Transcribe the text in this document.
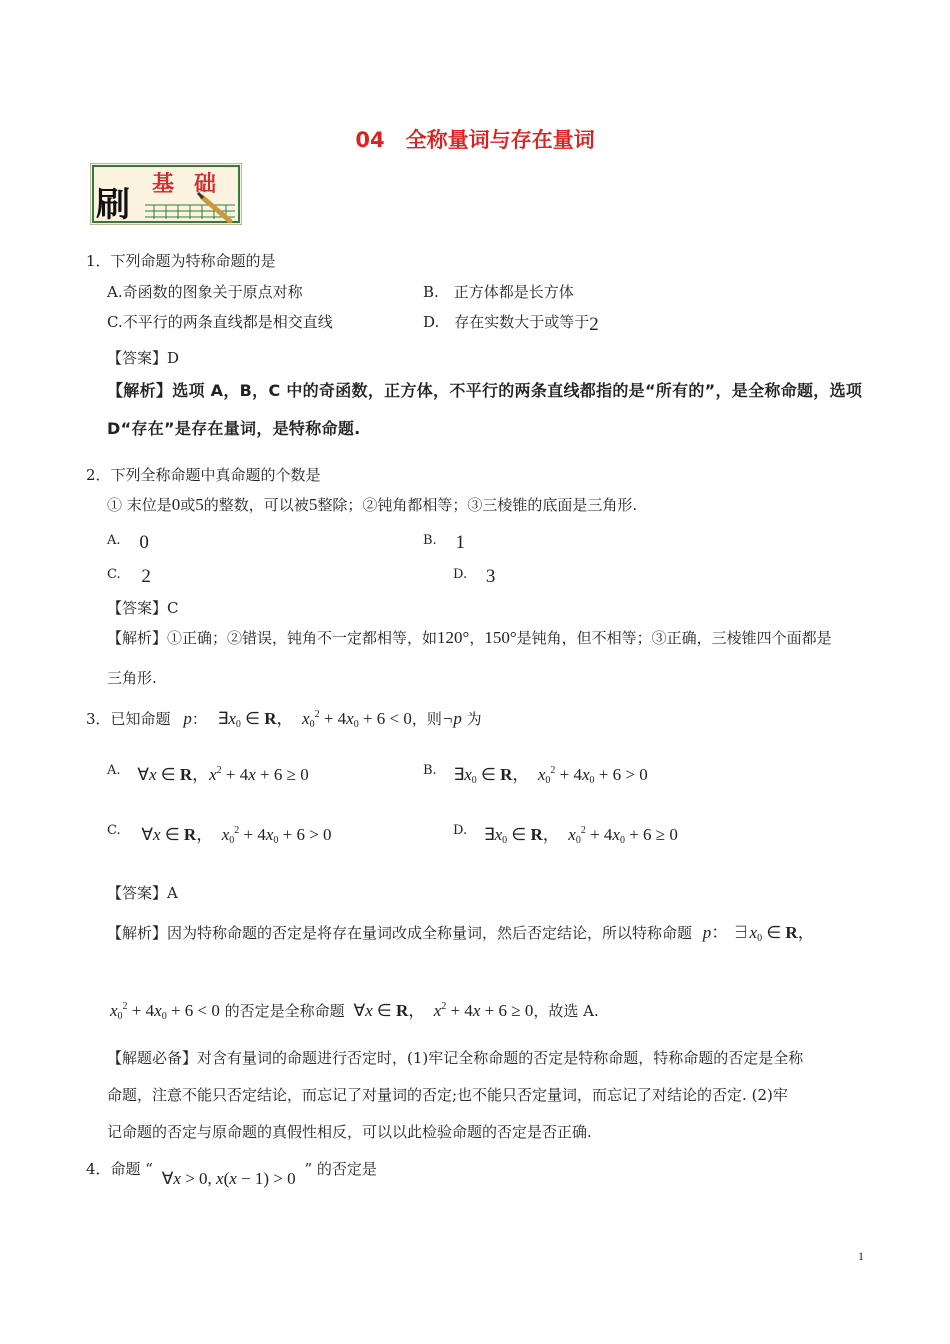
04　全称量词与存在量词
刷
基 础
1．下列命题为特称命题的是
A.奇函数的图象关于原点对称	B.　正方体都是长方体
C.不平行的两条直线都是相交直线	D.　存在实数大于或等于2
【答案】D
【解析】选项 A，B，C 中的奇函数，正方体，不平行的两条直线都指的是“所有的”，是全称命题，选项
D“存在”是存在量词，是特称命题.
2．下列全称命题中真命题的个数是
① 末位是0或5的整数，可以被5整除；②钝角都相等；③三棱锥的底面是三角形.
A. 0	B. 1
C. 2	D. 3
【答案】C
【解析】①正确；②错误，钝角不一定都相等，如120°，150°是钝角，但不相等；③正确，三棱锥四个面都是
三角形.
3．已知命题 p： $\exists x_0$ ∈ R，  $x_0^2 + 4x_0 + 6 < 0$，则¬p 为
A. ∀x ∈ R，$x^2 + 4x + 6 \ge 0$	B. $\exists x_0$ ∈ R，  $x_0^2 + 4x_0 + 6 > 0$
C. ∀x ∈ R，  $x_0^2 + 4x_0 + 6 > 0$	D. $\exists x_0$ ∈ R，  $x_0^2 + 4x_0 + 6 \ge 0$
【答案】A
【解析】因为特称命题的否定是将存在量词改成全称量词，然后否定结论，所以特称命题 p： $\exists x_0$ ∈ R，
$x_0^2 + 4x_0 + 6 < 0$ 的否定是全称命题 ∀x ∈ R，  $x^2 + 4x + 6 \ge 0$，故选 A.
【解题必备】对含有量词的命题进行否定时，(1)牢记全称命题的否定是特称命题，特称命题的否定是全称
命题，注意不能只否定结论，而忘记了对量词的否定;也不能只否定量词，而忘记了对结论的否定. (2)牢
记命题的否定与原命题的真假性相反，可以以此检验命题的否定是否正确.
4．命题 “ ∀x > 0, x(x − 1) > 0 ” 的否定是
1
